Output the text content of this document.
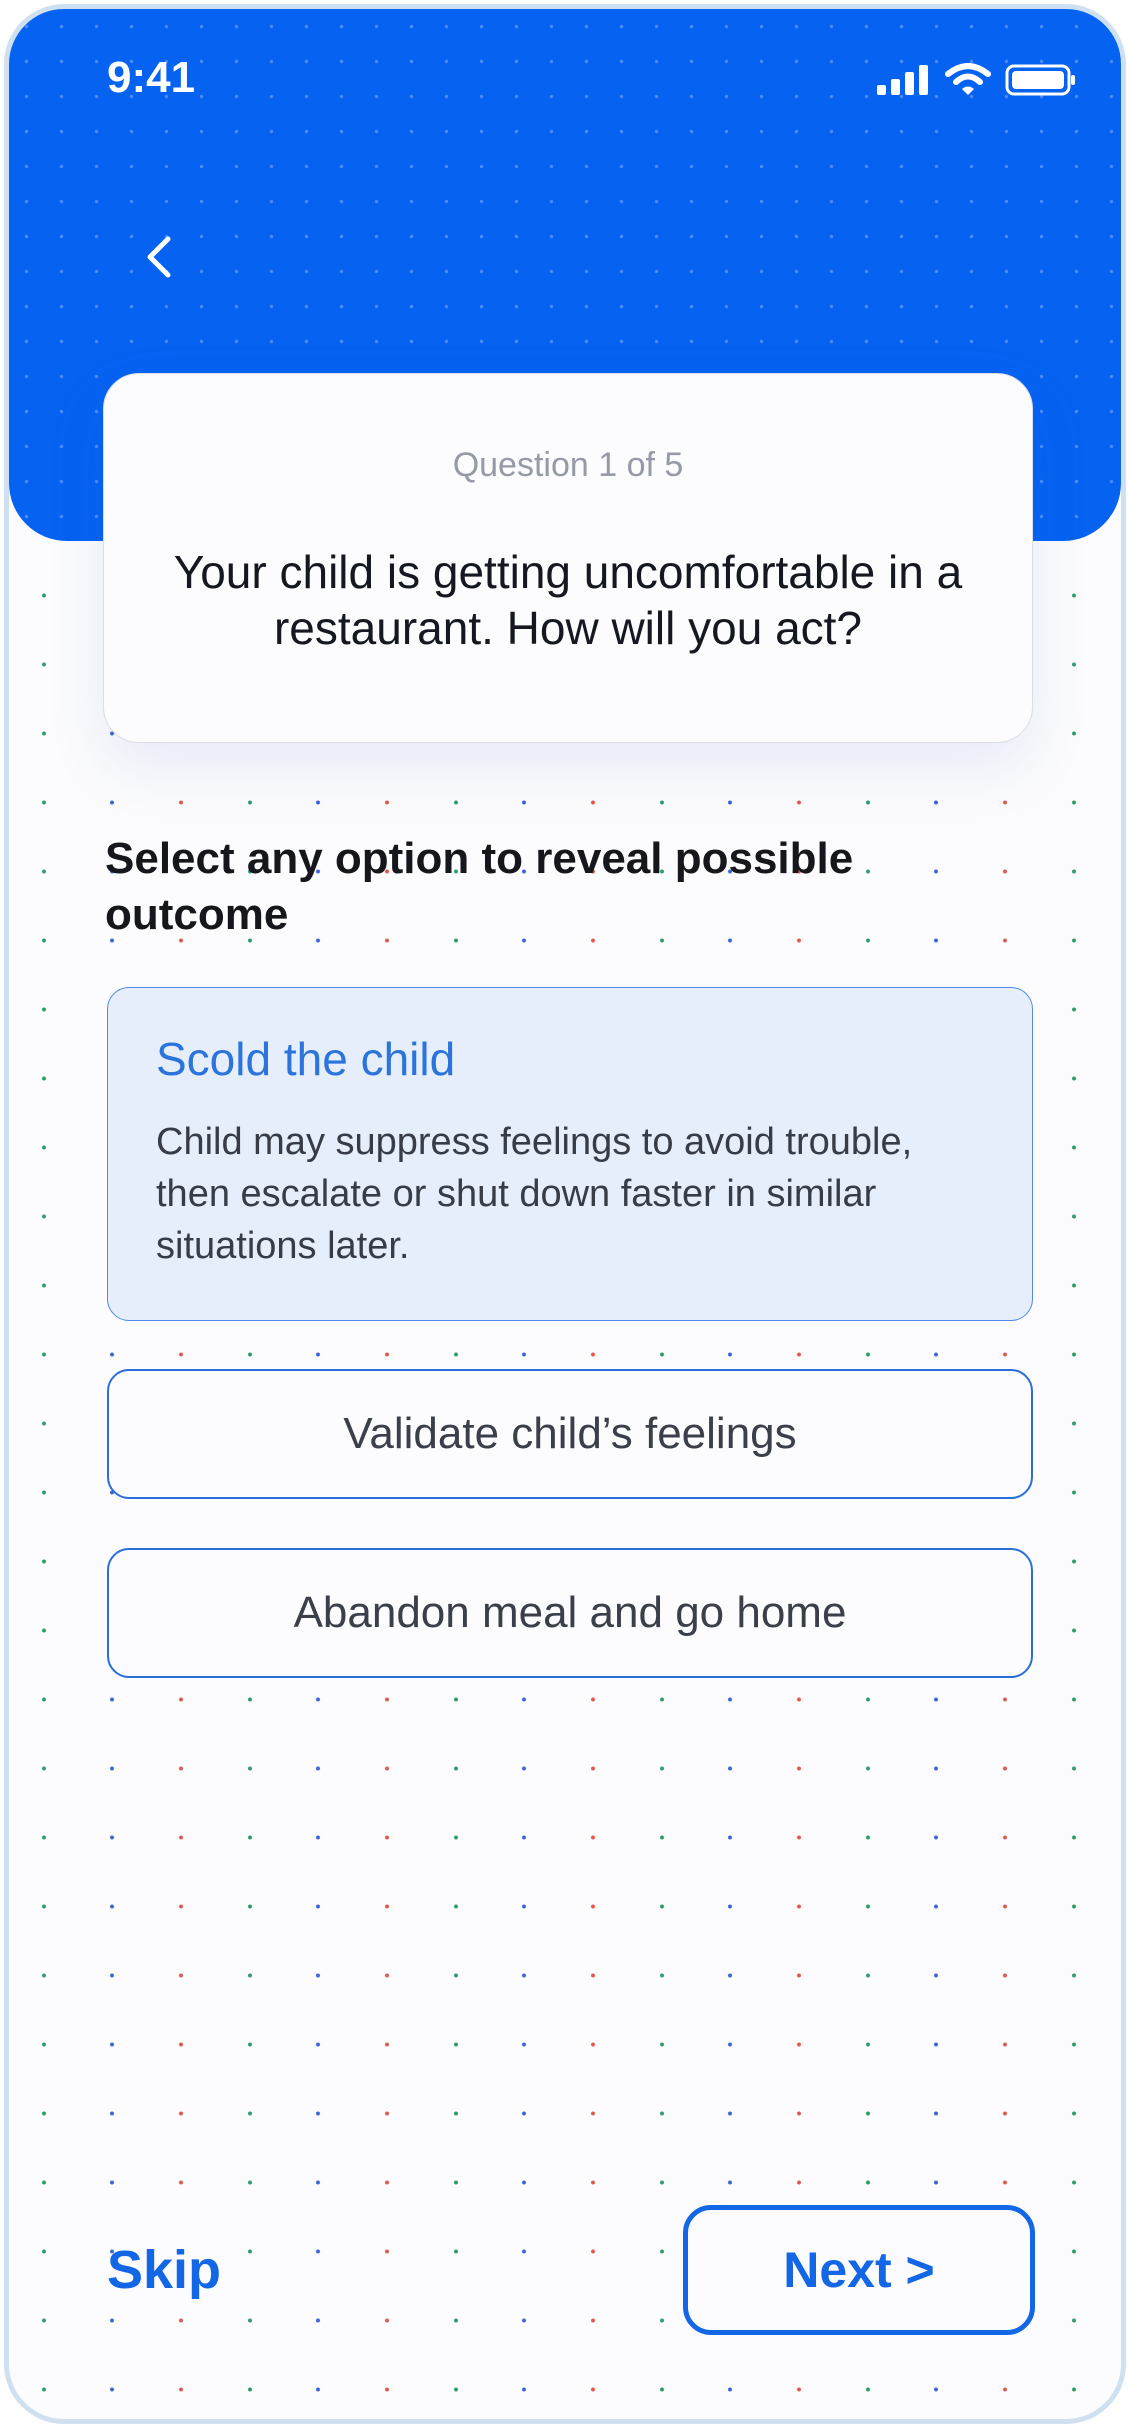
9:41
Question 1 of 5
Your child is getting uncomfortable in a restaurant. How will you act?
Select any option to reveal possible outcome
Scold the child
Child may suppress feelings to avoid trouble, then escalate or shut down faster in similar situations later.
Validate child’s feelings
Abandon meal and go home
Skip	Next >
